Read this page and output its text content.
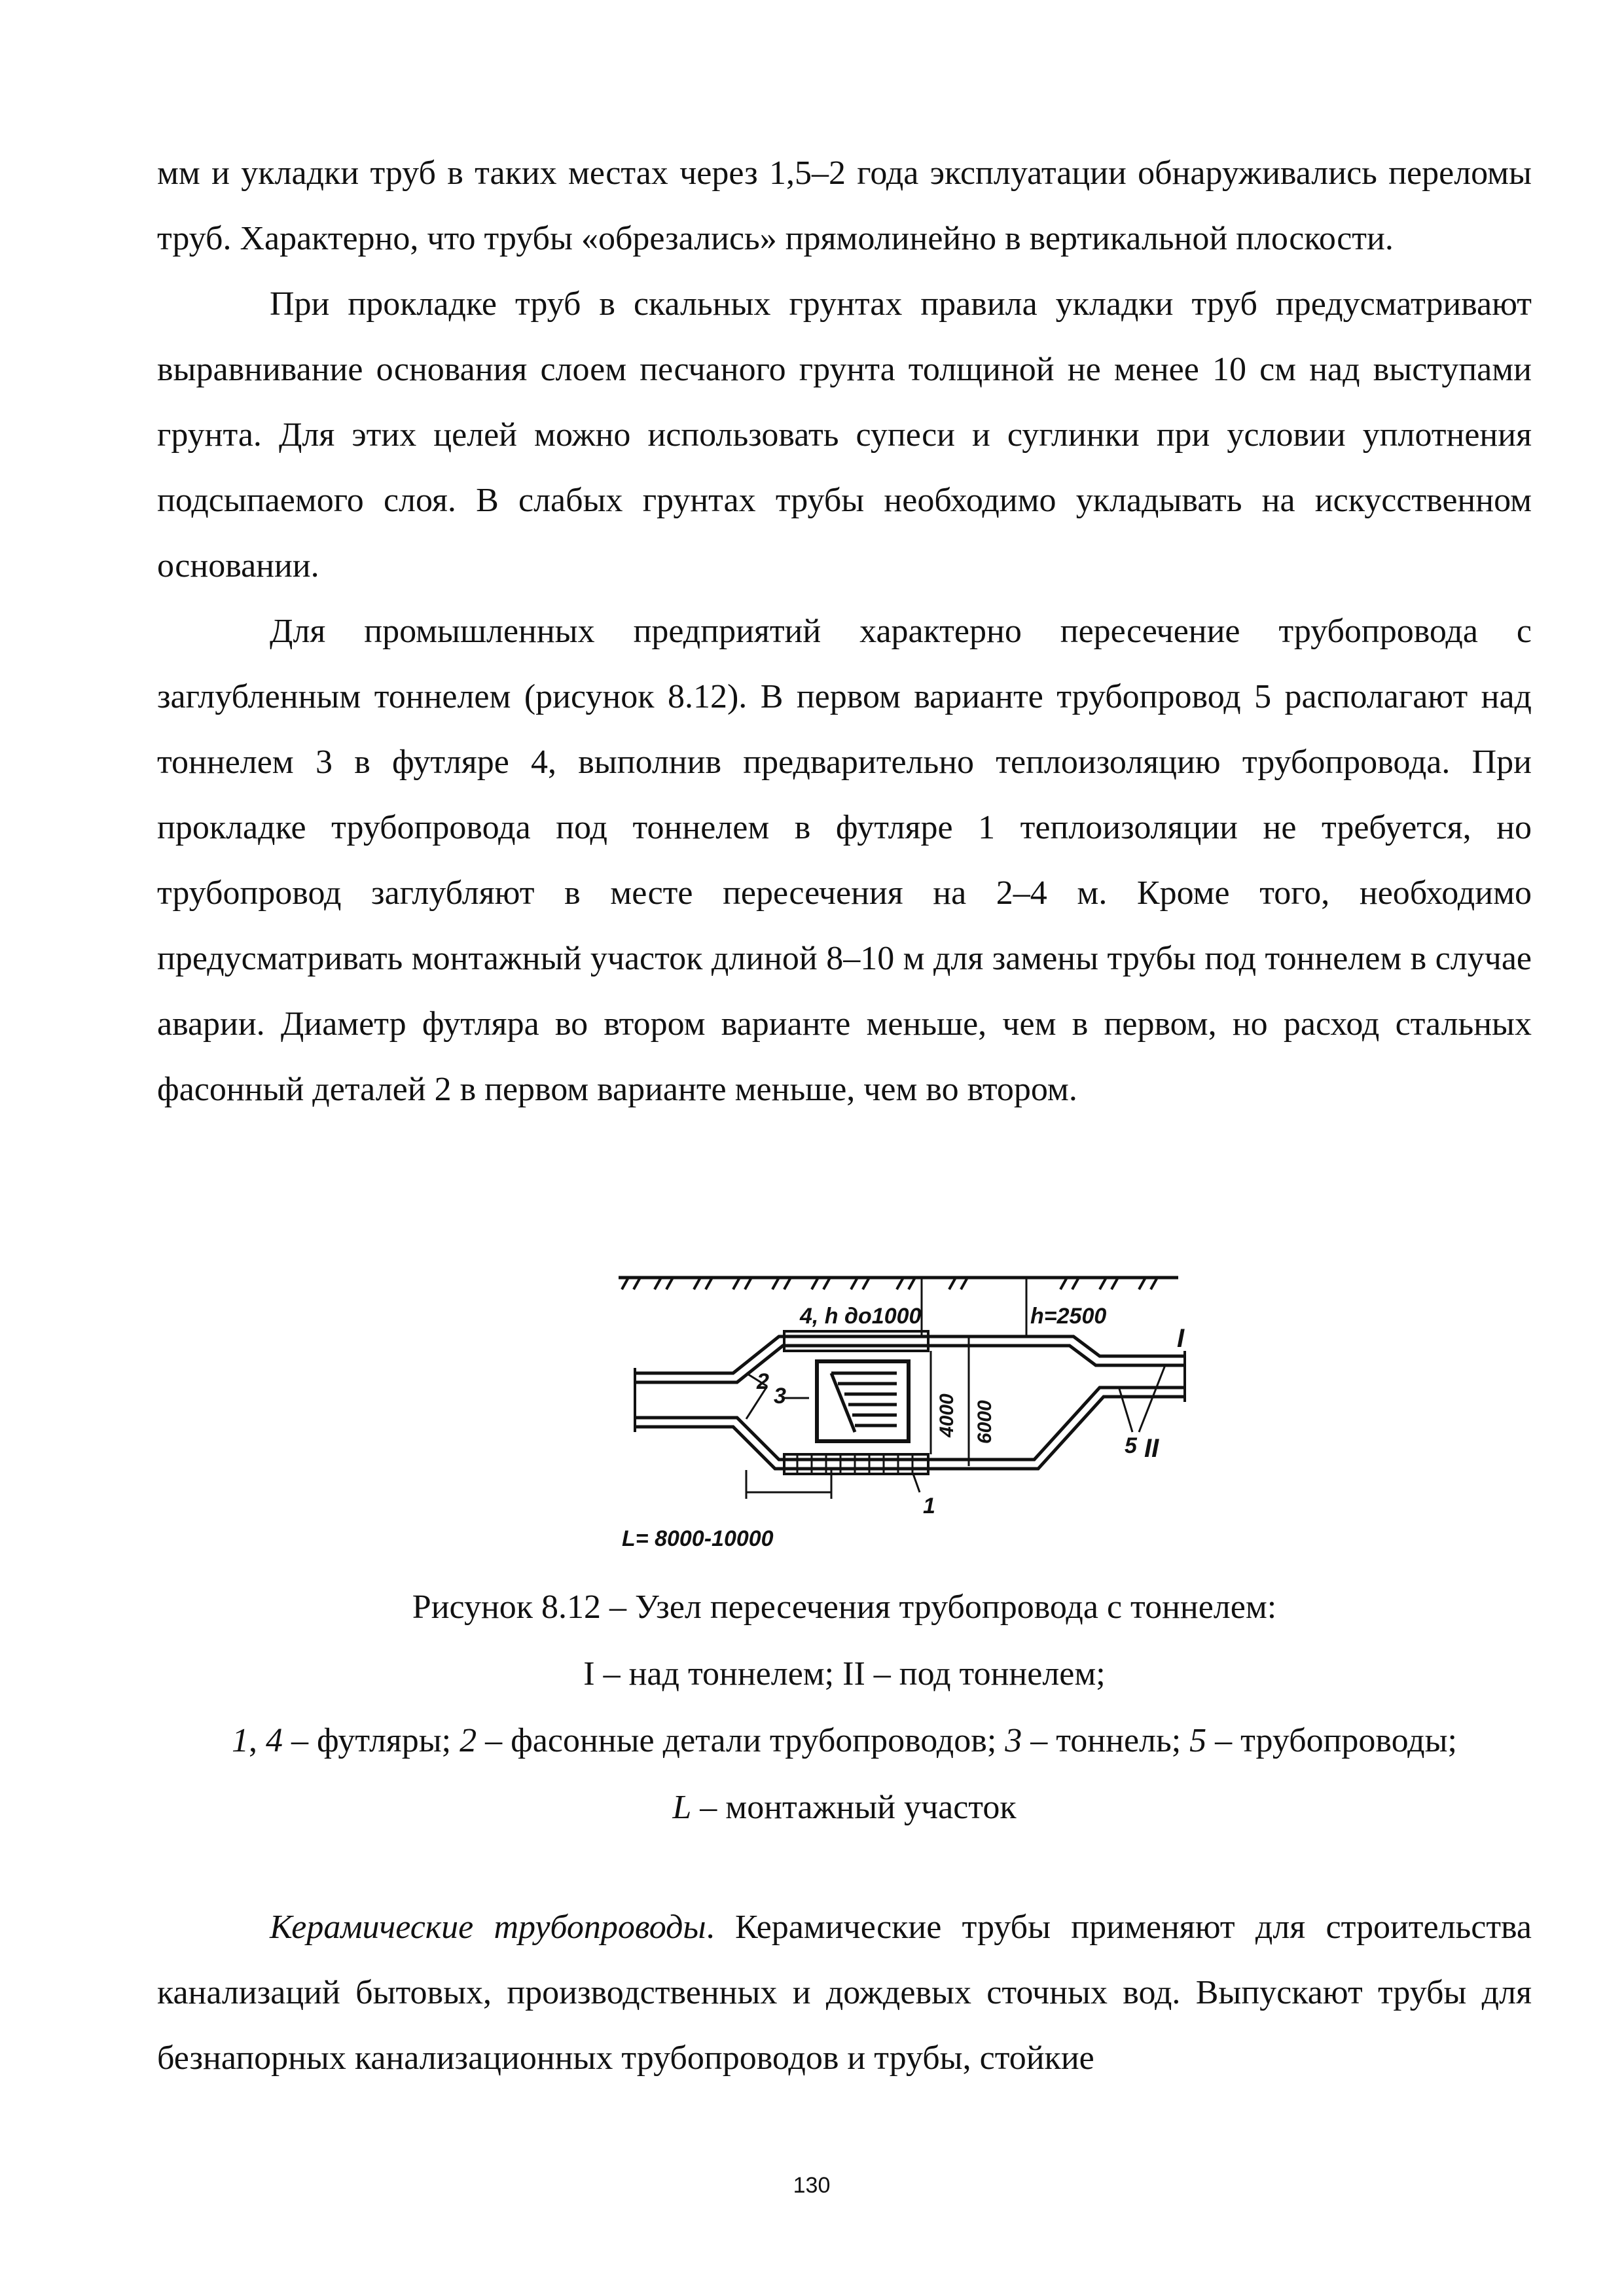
мм и укладки труб в таких местах через 1,5–2 года эксплуатации обнаруживались переломы труб. Характерно, что трубы «обрезались» прямолинейно в вертикальной плоскости.

При прокладке труб в скальных грунтах правила укладки труб предусматривают выравнивание основания слоем песчаного грунта толщиной не менее 10 см над выступами грунта. Для этих целей можно использовать супеси и суглинки при условии уплотнения подсыпаемого слоя. В слабых грунтах трубы необходимо укладывать на искусственном основании.

Для промышленных предприятий характерно пересечение трубопровода с заглубленным тоннелем (рисунок 8.12). В первом варианте трубопровод 5 располагают над тоннелем 3 в футляре 4, выполнив предварительно теплоизоляцию трубопровода. При прокладке трубопровода под тоннелем в футляре 1 теплоизоляции не требуется, но трубопровод заглубляют в месте пересечения на 2–4 м. Кроме того, необходимо предусматривать монтажный участок длиной 8–10 м для замены трубы под тоннелем в случае аварии. Диаметр футляра во втором варианте меньше, чем в первом, но расход стальных фасонный деталей 2 в первом варианте меньше, чем во втором.

4, h до1000	h=2500
I
II
2
3
1
5
4000 6000
L= 8000-10000
Рисунок 8.12 – Узел пересечения трубопровода с тоннелем:
I – над тоннелем; II – под тоннелем;
1, 4 – футляры; 2 – фасонные детали трубопроводов; 3 – тоннель; 5 – трубопроводы;
L – монтажный участок

Керамические трубопроводы. Керамические трубы применяют для строительства канализаций бытовых, производственных и дождевых сточных вод. Выпускают трубы для безнапорных канализационных трубопроводов и трубы, стойкие

130
